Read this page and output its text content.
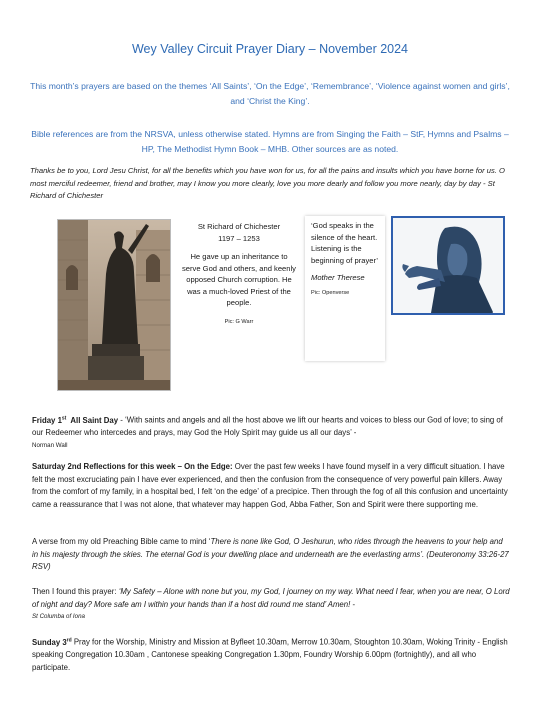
Wey Valley Circuit Prayer Diary – November 2024
This month’s prayers are based on the themes ‘All Saints’, ‘On the Edge’, ‘Remembrance’, ‘Violence against women and girls’, and ‘Christ the King’.
Bible references are from the NRSVA, unless otherwise stated. Hymns are from Singing the Faith – StF, Hymns and Psalms – HP, The Methodist Hymn Book – MHB. Other sources are as noted.
Thanks be to you, Lord Jesu Christ, for all the benefits which you have won for us, for all the pains and insults which you have borne for us. O most merciful redeemer, friend and brother, may I know you more clearly, love you more dearly and follow you more nearly, day by day - St Richard of Chichester
St Richard of Chichester
1197 – 1253
He gave up an inheritance to serve God and others, and keenly opposed Church corruption. He was a much-loved Priest of the people.
Pic: G Warr
‘God speaks in the silence of the heart. Listening is the beginning of prayer’
Mother Therese
Pic: Openverse
Friday 1st All Saint Day - ‘With saints and angels and all the host above we lift our hearts and voices to bless our God of love; to sing of our Redeemer who intercedes and prays, may God the Holy Spirit may guide us all our days’ -
Norman Wall
Saturday 2nd Reflections for this week – On the Edge: Over the past few weeks I have found myself in a very difficult situation. I have felt the most excruciating pain I have ever experienced, and then the confusion from the consequence of very powerful pain killers. Away from the comfort of my family, in a hospital bed, I felt ‘on the edge’ of a precipice. Then through the fog of all this confusion and uncertainty came a reassurance that I was not alone, that whatever may happen God, Abba Father, Son and Spirit were there supporting me.
A verse from my old Preaching Bible came to mind ‘There is none like God, O Jeshurun, who rides through the heavens to your help and in his majesty through the skies. The eternal God is your dwelling place and underneath are the everlasting arms’. (Deuteronomy 33:26-27 RSV)
Then I found this prayer: ‘My Safety – Alone with none but you, my God, I journey on my way. What need I fear, when you are near, O Lord of night and day? More safe am I within your hands than if a host did round me stand’ Amen! -
St Columba of Iona
Sunday 3rd Pray for the Worship, Ministry and Mission at Byfleet 10.30am, Merrow 10.30am, Stoughton 10.30am, Woking Trinity - English speaking Congregation 10.30am , Cantonese speaking Congregation 1.30pm, Foundry Worship 6.00pm (fortnightly), and all who participate.
